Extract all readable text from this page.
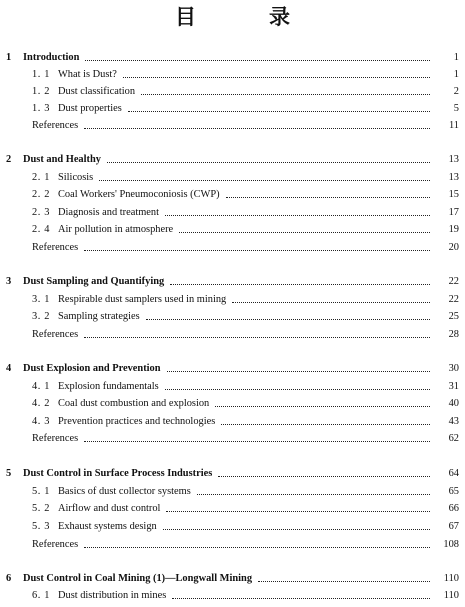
目　录
1	Introduction	1
1. 1 What is Dust?	1
1. 2 Dust classification	2
1. 3 Dust properties	5
References	11
2	Dust and Healthy	13
2. 1 Silicosis	13
2. 2 Coal Workers' Pneumoconiosis (CWP)	15
2. 3 Diagnosis and treatment	17
2. 4 Air pollution in atmosphere	19
References	20
3	Dust Sampling and Quantifying	22
3. 1 Respirable dust samplers used in mining	22
3. 2 Sampling strategies	25
References	28
4	Dust Explosion and Prevention	30
4. 1 Explosion fundamentals	31
4. 2 Coal dust combustion and explosion	40
4. 3 Prevention practices and technologies	43
References	62
5	Dust Control in Surface Process Industries	64
5. 1 Basics of dust collector systems	65
5. 2 Airflow and dust control	66
5. 3 Exhaust systems design	67
References	108
6	Dust Control in Coal Mining (1)—Longwall Mining	110
6. 1 Dust distribution in mines	110
